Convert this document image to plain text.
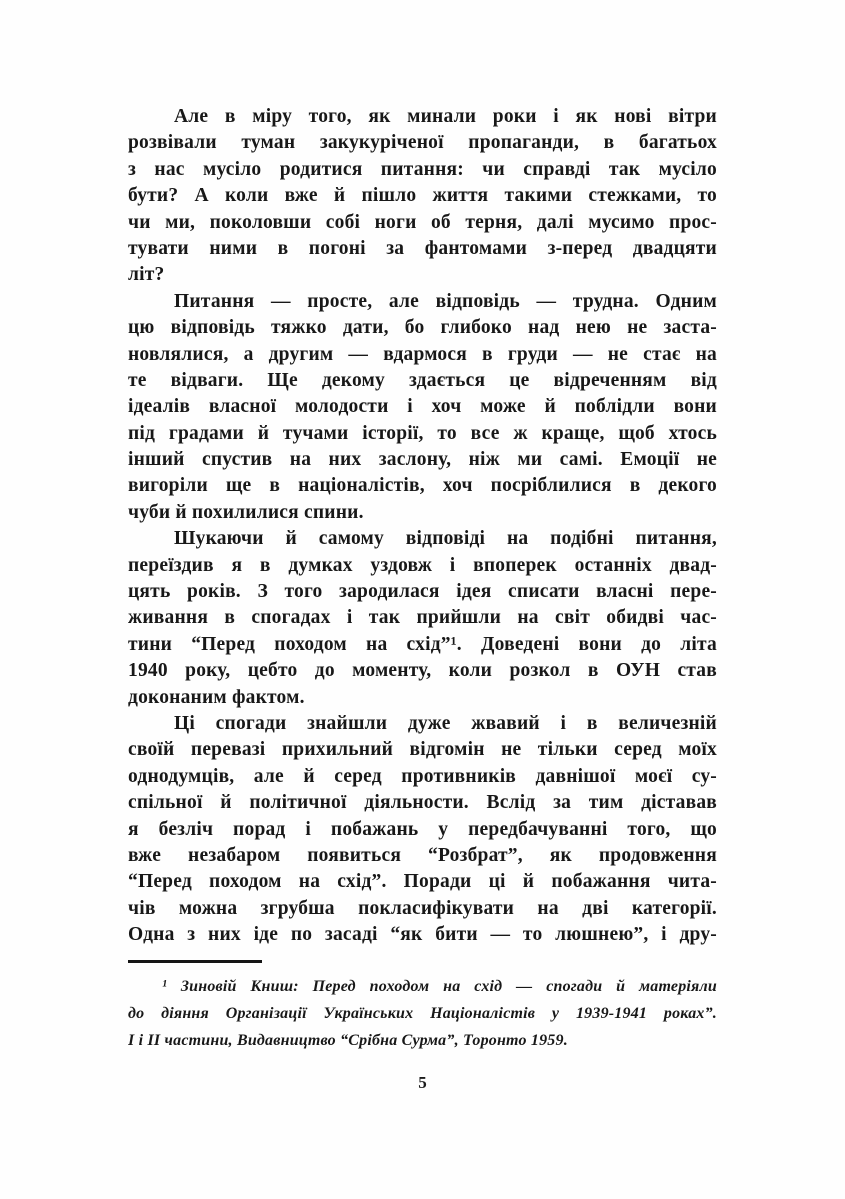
Але в міру того, як минали роки і як нові вітри
розвівали туман закукуріченої пропаганди, в багатьох
з нас мусіло родитися питання: чи справді так мусіло
бути? А коли вже й пішло життя такими стежками, то
чи ми, поколовши собі ноги об терня, далі мусимо прос-
тувати ними в погоні за фантомами з-перед двадцяти
літ?
Питання — просте, але відповідь — трудна. Одним
цю відповідь тяжко дати, бо глибоко над нею не заста-
новлялися, а другим — вдармося в груди — не стає на
те відваги. Ще декому здається це відреченням від
ідеалів власної молодости і хоч може й поблідли вони
під градами й тучами історії, то все ж краще, щоб хтось
інший спустив на них заслону, ніж ми самі. Емоції не
вигоріли ще в націоналістів, хоч посріблилися в декого
чуби й похилилися спини.
Шукаючи й самому відповіді на подібні питання,
переїздив я в думках уздовж і впоперек останніх двад-
цять років. З того зародилася ідея списати власні пере-
живання в спогадах і так прийшли на світ обидві час-
тини “Перед походом на схід”¹. Доведені вони до літа
1940 року, цебто до моменту, коли розкол в ОУН став
доконаним фактом.
Ці спогади знайшли дуже жвавий і в величезній
своїй перевазі прихильний відгомін не тільки серед моїх
однодумців, але й серед противників давнішої моєї су-
спільної й політичної діяльности. Вслід за тим діставав
я безліч порад і побажань у передбачуванні того, що
вже незабаром появиться “Розбрат”, як продовження
“Перед походом на схід”. Поради ці й побажання чита-
чів можна згрубша покласифікувати на дві категорії.
Одна з них іде по засаді “як бити — то люшнею”, і дру-
¹ Зиновій Книш: Перед походом на схід — спогади й матеріяли
до діяння Організації Українських Націоналістів у 1939-1941 роках”.
І і ІІ частини, Видавництво “Срібна Сурма”, Торонто 1959.
5
